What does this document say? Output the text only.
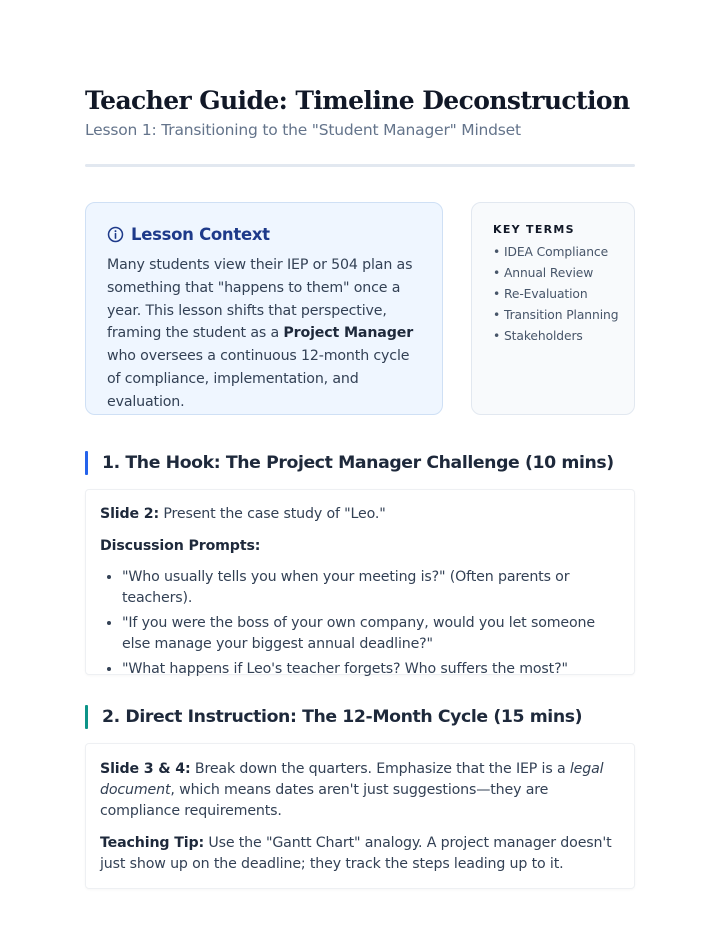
Teacher Guide: Timeline Deconstruction
Lesson 1: Transitioning to the "Student Manager" Mindset
Lesson Context

Many students view their IEP or 504 plan as something that "happens to them" once a year. This lesson shifts that perspective, framing the student as a Project Manager who oversees a continuous 12-month cycle of compliance, implementation, and evaluation.

KEY TERMS
• IDEA Compliance
• Annual Review
• Re-Evaluation
• Transition Planning
• Stakeholders
1. The Hook: The Project Manager Challenge (10 mins)

Slide 2: Present the case study of "Leo."

Discussion Prompts:

• "Who usually tells you when your meeting is?" (Often parents or teachers).
• "If you were the boss of your own company, would you let someone else manage your biggest annual deadline?"
• "What happens if Leo's teacher forgets? Who suffers the most?"
2. Direct Instruction: The 12-Month Cycle (15 mins)

Slide 3 & 4: Break down the quarters. Emphasize that the IEP is a legal document, which means dates aren't just suggestions—they are compliance requirements.

Teaching Tip: Use the "Gantt Chart" analogy. A project manager doesn't just show up on the deadline; they track the steps leading up to it.
